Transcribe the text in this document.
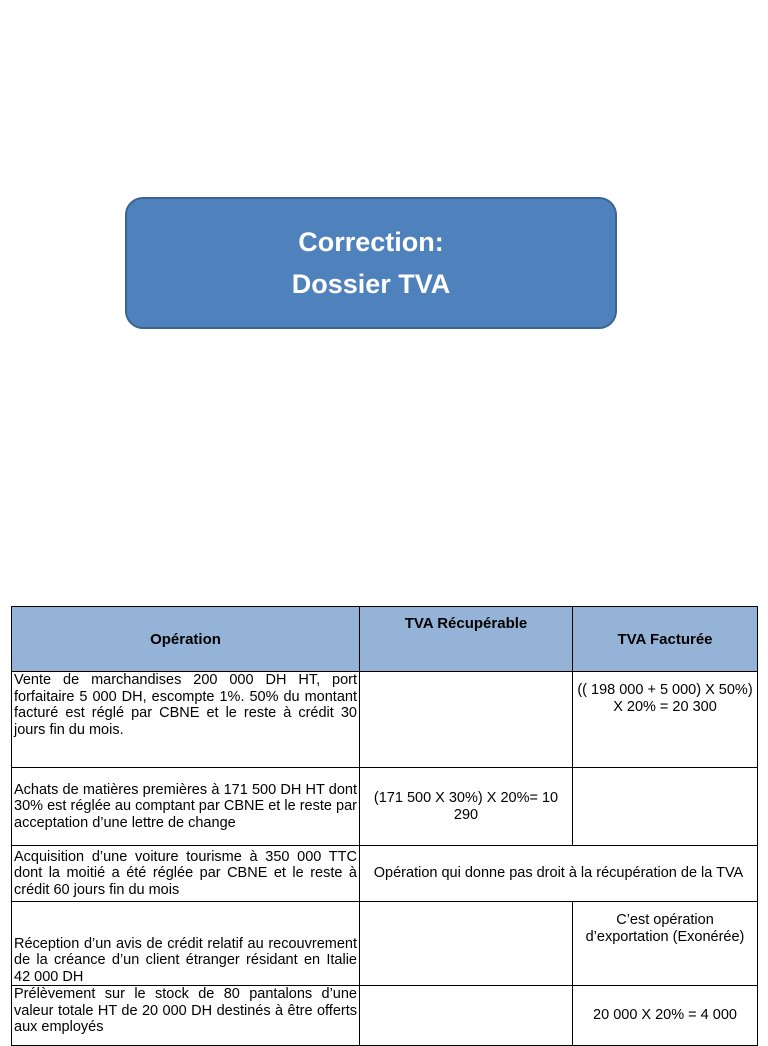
Correction:
Dossier TVA
Opération	TVA Récupérable	TVA Facturée
Vente de marchandises 200 000 DH HT, port forfaitaire 5 000 DH, escompte 1%. 50% du montant facturé est réglé par CBNE et le reste à crédit 30 jours fin du mois.		(( 198 000 + 5 000) X 50%) X 20% = 20 300
Achats de matières premières à 171 500 DH HT dont 30% est réglée au comptant par CBNE et le reste par acceptation d’une lettre de change	(171 500 X 30%) X 20%= 10 290	
Acquisition d’une voiture tourisme à 350 000 TTC dont la moitié a été réglée par CBNE et le reste à crédit 60 jours fin du mois	Opération qui donne pas droit à la récupération de la TVA	
Réception d’un avis de crédit relatif au recouvrement de la créance d’un client étranger résidant en Italie 42 000 DH		C’est opération d’exportation (Exonérée)
Prélèvement sur le stock de 80 pantalons d’une valeur totale HT de 20 000 DH destinés à être offerts aux employés		20 000 X 20% = 4 000
